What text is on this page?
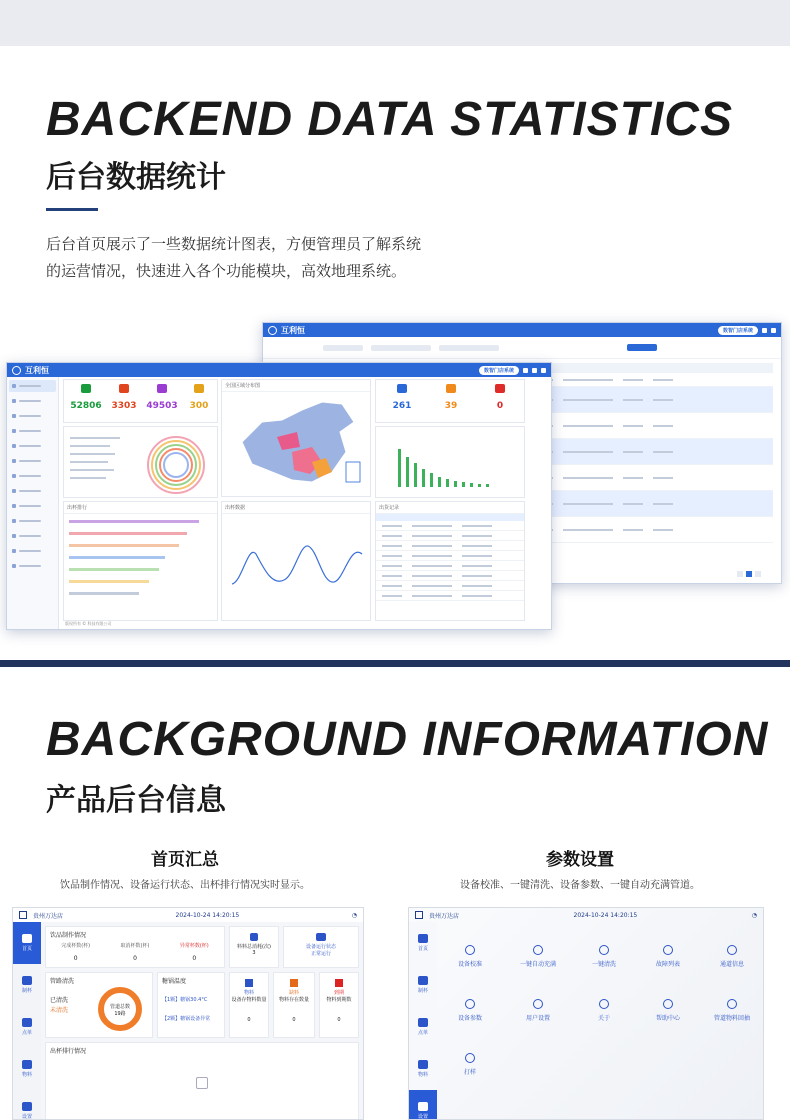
BACKEND DATA STATISTICS
后台数据统计
后台首页展示了一些数据统计图表，方便管理员了解系统
的运营情况，快速进入各个功能模块，高效地理系统。
互利恒	数智门店系统
互利恒	数智门店系统
52806	3303	49503	300
全国区域分布图
261	39	0
出杯排行	出杯数据	出货记录
版权所有 © 科技有限公司
BACKGROUND INFORMATION
产品后台信息
首页汇总
饮品制作情况、设备运行状态、出杯排行情况实时显示。
参数设置
设备校准、一键清洗、设备参数、一键自动充满管道。
贵州万达店	2024-10-24 14:20:15	◔
首页
制杯
点单
物料
设置
饮品制作情况
完成杯数(杯)	取消杯数(杯)	异常杯数(杯)
0	0	0
料料总消耗(次)
3
设备运行状态
正常运行
管路清洗
已清洗
未清洗	管道总数
19路
糖锅温度
【1颗】糖锅30.4°C
【2颗】糖锅设备异常
物料
设备存物料数量
0
缺料
物料存在数量
0
到期
物料到期数
0
出杯排行情况
贵州万达店	2024-10-24 14:20:15	◔
首页
制杯
点单
物料
设置
设备校准	一键自动充满	一键清洗	故障列表	通道信息
设备参数	用户设置	关于	帮助中心	管道物料回抽
打样
